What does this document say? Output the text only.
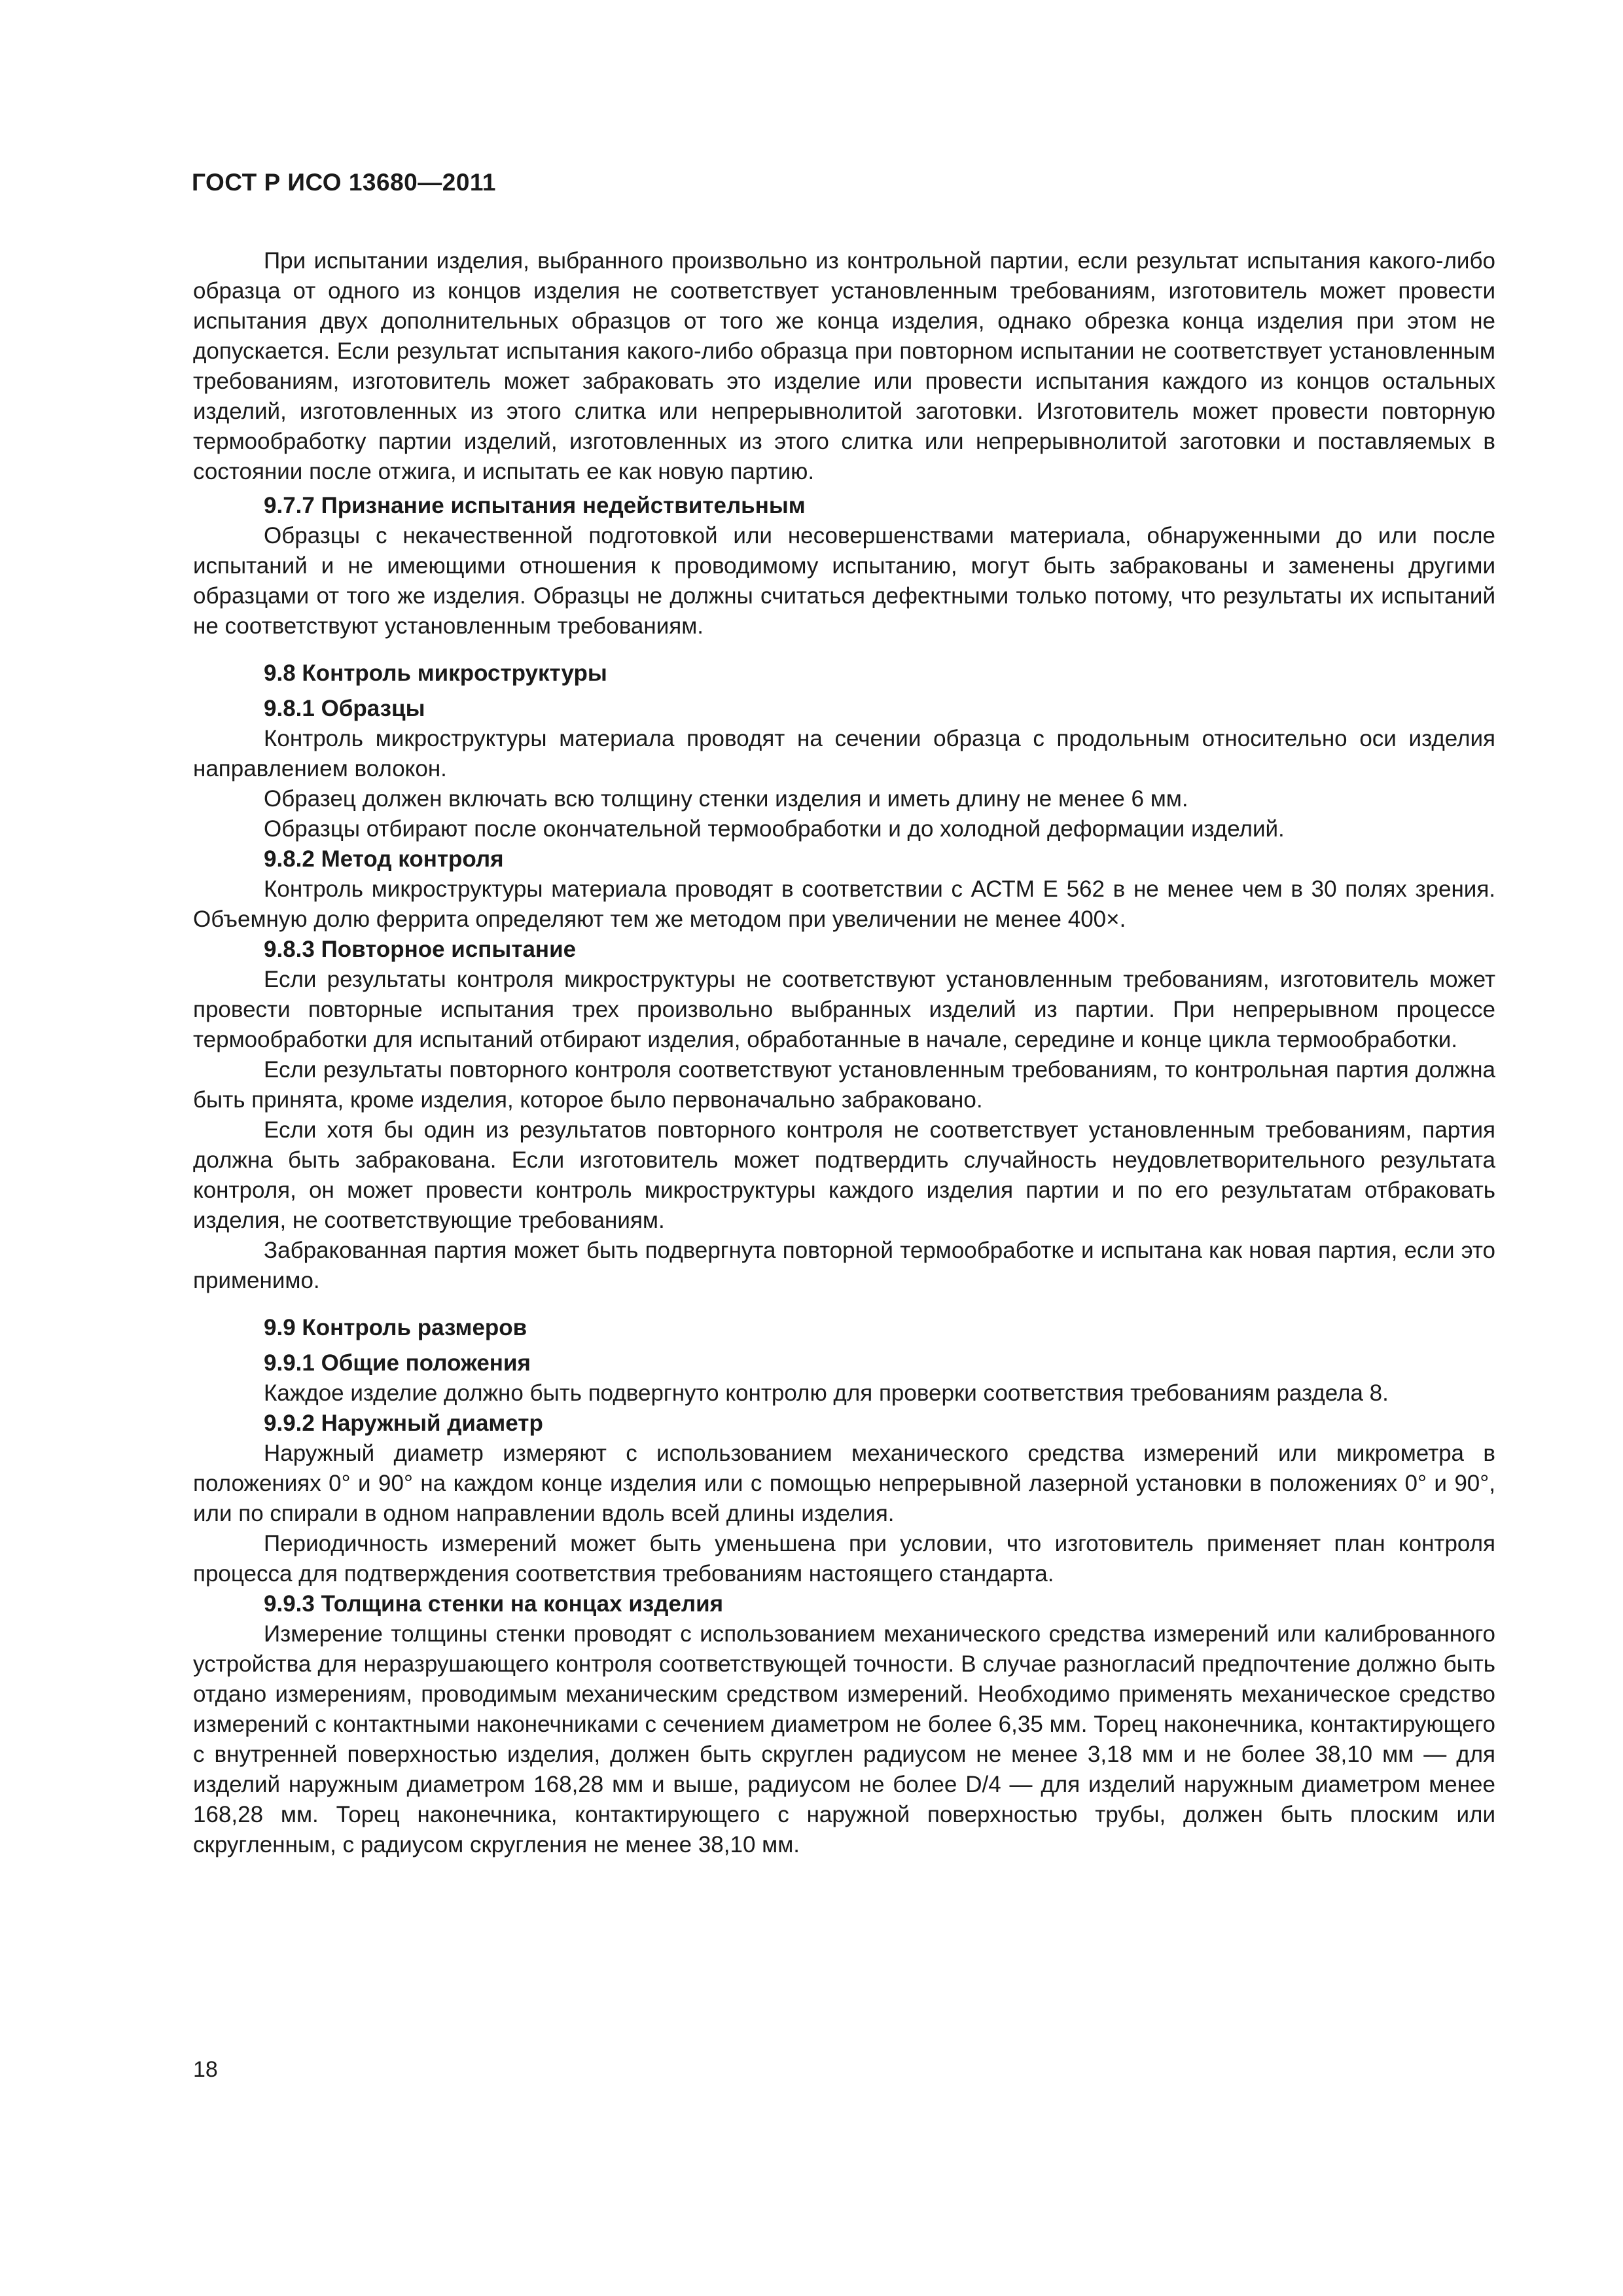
ГОСТ Р ИСО 13680—2011

При испытании изделия, выбранного произвольно из контрольной партии, если результат испытания какого-либо образца от одного из концов изделия не соответствует установленным требованиям, изготовитель может провести испытания двух дополнительных образцов от того же конца изделия, однако обрезка конца изделия при этом не допускается. Если результат испытания какого-либо образца при повторном испытании не соответствует установленным требованиям, изготовитель может забраковать это изделие или провести испытания каждого из концов остальных изделий, изготовленных из этого слитка или непрерывнолитой заготовки. Изготовитель может провести повторную термообработку партии изделий, изготовленных из этого слитка или непрерывнолитой заготовки и поставляемых в состоянии после отжига, и испытать ее как новую партию.

9.7.7 Признание испытания недействительным

Образцы с некачественной подготовкой или несовершенствами материала, обнаруженными до или после испытаний и не имеющими отношения к проводимому испытанию, могут быть забракованы и заменены другими образцами от того же изделия. Образцы не должны считаться дефектными только потому, что результаты их испытаний не соответствуют установленным требованиям.

9.8 Контроль микроструктуры
9.8.1 Образцы

Контроль микроструктуры материала проводят на сечении образца с продольным относительно оси изделия направлением волокон.

Образец должен включать всю толщину стенки изделия и иметь длину не менее 6 мм.

Образцы отбирают после окончательной термообработки и до холодной деформации изделий.

9.8.2 Метод контроля

Контроль микроструктуры материала проводят в соответствии с АСТМ Е 562 в не менее чем в 30 полях зрения. Объемную долю феррита определяют тем же методом при увеличении не менее 400×.

9.8.3 Повторное испытание

Если результаты контроля микроструктуры не соответствуют установленным требованиям, изготовитель может провести повторные испытания трех произвольно выбранных изделий из партии. При непрерывном процессе термообработки для испытаний отбирают изделия, обработанные в начале, середине и конце цикла термообработки.

Если результаты повторного контроля соответствуют установленным требованиям, то контрольная партия должна быть принята, кроме изделия, которое было первоначально забраковано.

Если хотя бы один из результатов повторного контроля не соответствует установленным требованиям, партия должна быть забракована. Если изготовитель может подтвердить случайность неудовлетворительного результата контроля, он может провести контроль микроструктуры каждого изделия партии и по его результатам отбраковать изделия, не соответствующие требованиям.

Забракованная партия может быть подвергнута повторной термообработке и испытана как новая партия, если это применимо.

9.9 Контроль размеров
9.9.1 Общие положения

Каждое изделие должно быть подвергнуто контролю для проверки соответствия требованиям раздела 8.

9.9.2 Наружный диаметр

Наружный диаметр измеряют с использованием механического средства измерений или микрометра в положениях 0° и 90° на каждом конце изделия или с помощью непрерывной лазерной установки в положениях 0° и 90°, или по спирали в одном направлении вдоль всей длины изделия.

Периодичность измерений может быть уменьшена при условии, что изготовитель применяет план контроля процесса для подтверждения соответствия требованиям настоящего стандарта.

9.9.3 Толщина стенки на концах изделия

Измерение толщины стенки проводят с использованием механического средства измерений или калиброванного устройства для неразрушающего контроля соответствующей точности. В случае разногласий предпочтение должно быть отдано измерениям, проводимым механическим средством измерений. Необходимо применять механическое средство измерений с контактными наконечниками с сечением диаметром не более 6,35 мм. Торец наконечника, контактирующего с внутренней поверхностью изделия, должен быть скруглен радиусом не менее 3,18 мм и не более 38,10 мм — для изделий наружным диаметром 168,28 мм и выше, радиусом не более D/4 — для изделий наружным диаметром менее 168,28 мм. Торец наконечника, контактирующего с наружной поверхностью трубы, должен быть плоским или скругленным, с радиусом скругления не менее 38,10 мм.

18
